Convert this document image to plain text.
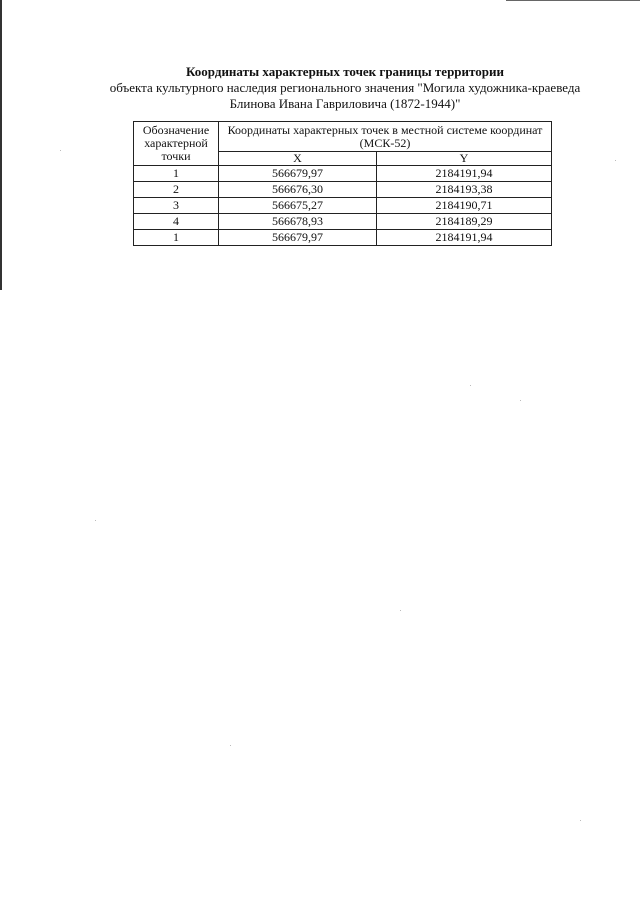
Координаты характерных точек границы территории
объекта культурного наследия регионального значения "Могила художника-краеведа
Блинова Ивана Гавриловича (1872-1944)"
Обозначение характерной точки	Координаты характерных точек в местной системе координат (МСК-52)	
	X	Y
1	566679,97	2184191,94
2	566676,30	2184193,38
3	566675,27	2184190,71
4	566678,93	2184189,29
1	566679,97	2184191,94
